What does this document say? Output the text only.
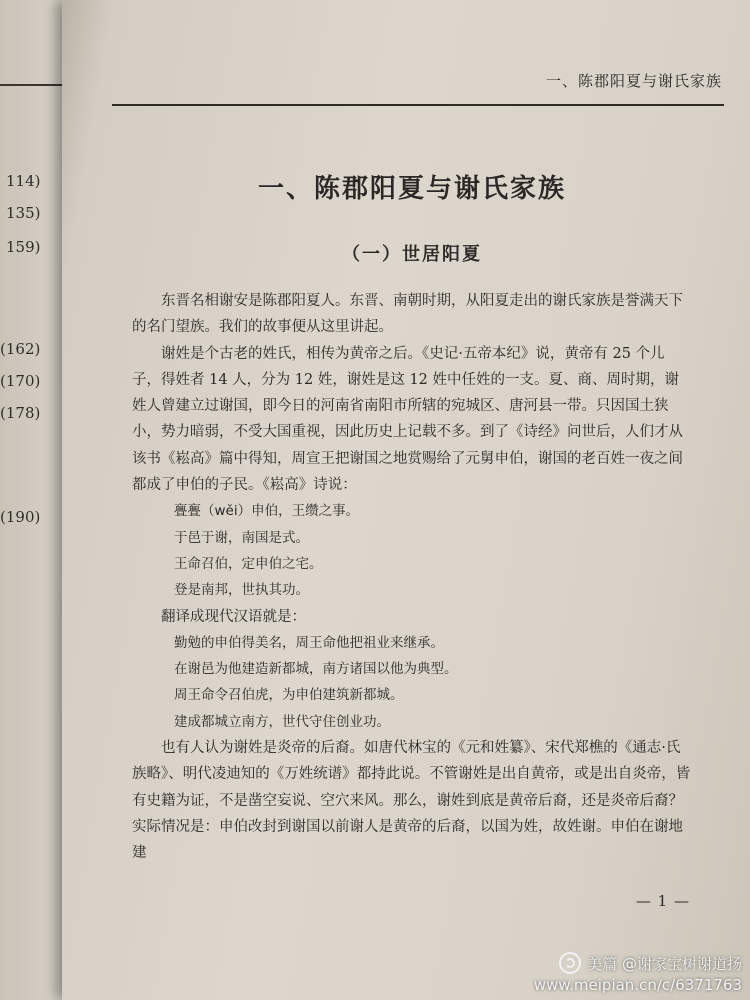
114)
135)
159)
(162)
(170)
(178)
(190)
一、陈郡阳夏与谢氏家族
一、陈郡阳夏与谢氏家族
（一）世居阳夏

东晋名相谢安是陈郡阳夏人。东晋、南朝时期，从阳夏走出的谢氏家族是誉满天下的名门望族。我们的故事便从这里讲起。

谢姓是个古老的姓氏，相传为黄帝之后。《史记·五帝本纪》说，黄帝有 25 个儿子，得姓者 14 人，分为 12 姓，谢姓是这 12 姓中任姓的一支。夏、商、周时期，谢姓人曾建立过谢国，即今日的河南省南阳市所辖的宛城区、唐河县一带。只因国土狭小，势力暗弱，不受大国重视，因此历史上记载不多。到了《诗经》问世后，人们才从该书《崧高》篇中得知，周宣王把谢国之地赏赐给了元舅申伯，谢国的老百姓一夜之间都成了申伯的子民。《崧高》诗说：

亹亹（wěi）申伯，王缵之事。
于邑于谢，南国是式。
王命召伯，定申伯之宅。
登是南邦，世执其功。

翻译成现代汉语就是：

勤勉的申伯得美名，周王命他把祖业来继承。
在谢邑为他建造新都城，南方诸国以他为典型。
周王命令召伯虎，为申伯建筑新都城。
建成都城立南方，世代守住创业功。

也有人认为谢姓是炎帝的后裔。如唐代林宝的《元和姓纂》、宋代郑樵的《通志·氏族略》、明代凌迪知的《万姓统谱》都持此说。不管谢姓是出自黄帝，或是出自炎帝，皆有史籍为证，不是凿空妄说、空穴来风。那么，谢姓到底是黄帝后裔，还是炎帝后裔？实际情况是：申伯改封到谢国以前谢人是黄帝的后裔，以国为姓，故姓谢。申伯在谢地建

— 1 —
美篇 @谢家宝树谢道扬
www.meipian.cn/c/6371763
